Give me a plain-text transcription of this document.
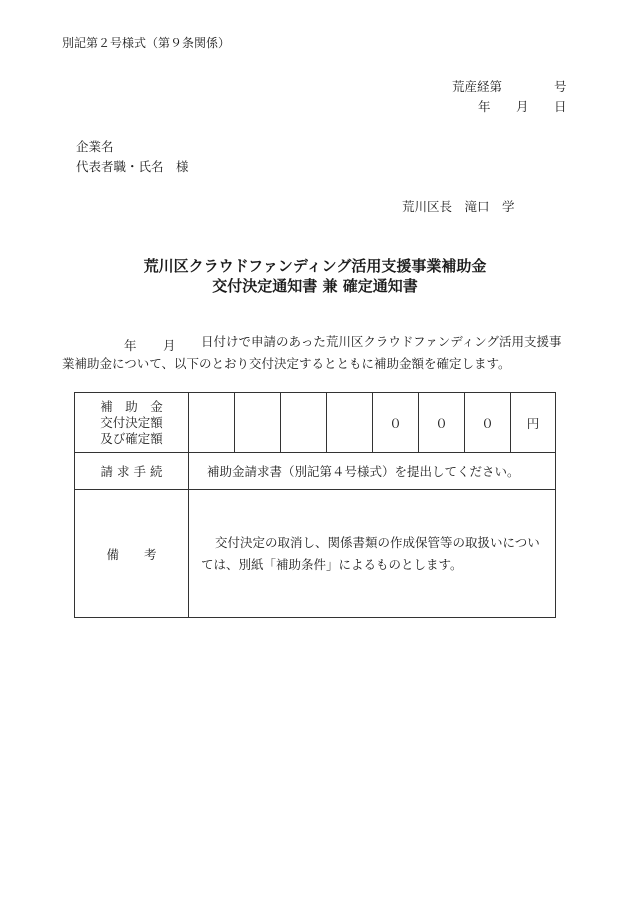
別記第２号様式（第９条関係）
荒産経第	号
年 月 日
企業名
代表者職・氏名　様
荒川区長　滝口　学
荒川区クラウドファンディング活用支援事業補助金
交付決定通知書 兼 確定通知書
年 月	日付けで申請のあった荒川区クラウドファンディング活用支援事業補助金について、以下のとおり交付決定するとともに補助金額を確定します。
補　助　金
交付決定額
及び確定額					０	０	０	円
請 求 手 続	補助金請求書（別記第４号様式）を提出してください。							
備　　考	交付決定の取消し、関係書類の作成保管等の取扱いについては、別紙「補助条件」によるものとします。							
